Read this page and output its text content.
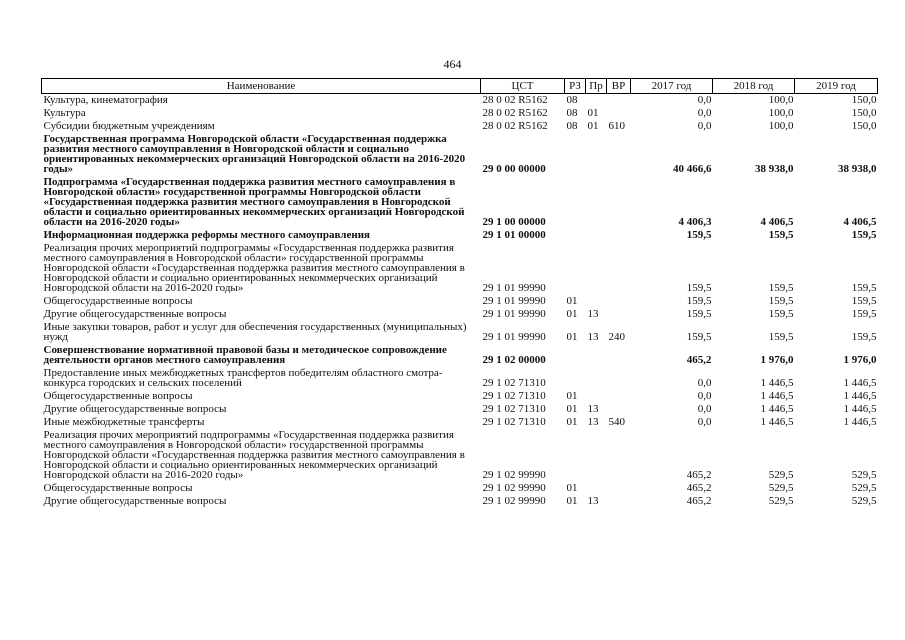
464
Наименование	ЦСТ	РЗ	Пр	ВР	2017 год	2018 год	2019 год
Культура, кинематография	28 0 02 R5162	08			0,0	100,0	150,0
Культура	28 0 02 R5162	08	01		0,0	100,0	150,0
Субсидии бюджетным учреждениям	28 0 02 R5162	08	01	610	0,0	100,0	150,0
Государственная программа Новгородской области «Государственная поддержка развития местного самоуправления в Новгородской области и социально ориентированных некоммерческих организаций Новгородской области на 2016-2020 годы»	29 0 00 00000				40 466,6	38 938,0	38 938,0
Подпрограмма «Государственная поддержка развития местного самоуправления в Новгородской области» государственной программы Новгородской области «Государственная поддержка развития местного самоуправления в Новгородской области и социально ориентированных некоммерческих организаций Новгородской области на 2016-2020 годы»	29 1 00 00000				4 406,3	4 406,5	4 406,5
Информационная поддержка реформы местного самоуправления	29 1 01 00000				159,5	159,5	159,5
Реализация прочих мероприятий подпрограммы «Государственная поддержка развития местного самоуправления в Новгородской области» государственной программы Новгородской области «Государственная поддержка развития местного самоуправления в Новгородской области и социально ориентированных некоммерческих организаций Новгородской области на 2016-2020 годы»	29 1 01 99990				159,5	159,5	159,5
Общегосударственные вопросы	29 1 01 99990	01			159,5	159,5	159,5
Другие общегосударственные вопросы	29 1 01 99990	01	13		159,5	159,5	159,5
Иные закупки товаров, работ и услуг для обеспечения государственных (муниципальных) нужд	29 1 01 99990	01	13	240	159,5	159,5	159,5
Совершенствование нормативной правовой базы и методическое сопровождение деятельности органов местного самоуправления	29 1 02 00000				465,2	1 976,0	1 976,0
Предоставление иных межбюджетных трансфертов победителям областного смотра-конкурса городских и сельских поселений	29 1 02 71310				0,0	1 446,5	1 446,5
Общегосударственные вопросы	29 1 02 71310	01			0,0	1 446,5	1 446,5
Другие общегосударственные вопросы	29 1 02 71310	01	13		0,0	1 446,5	1 446,5
Иные межбюджетные трансферты	29 1 02 71310	01	13	540	0,0	1 446,5	1 446,5
Реализация прочих мероприятий подпрограммы «Государственная поддержка развития местного самоуправления в Новгородской области» государственной программы Новгородской области «Государственная поддержка развития местного самоуправления в Новгородской области и социально ориентированных некоммерческих организаций Новгородской области на 2016-2020 годы»	29 1 02 99990				465,2	529,5	529,5
Общегосударственные вопросы	29 1 02 99990	01			465,2	529,5	529,5
Другие общегосударственные вопросы	29 1 02 99990	01	13		465,2	529,5	529,5
